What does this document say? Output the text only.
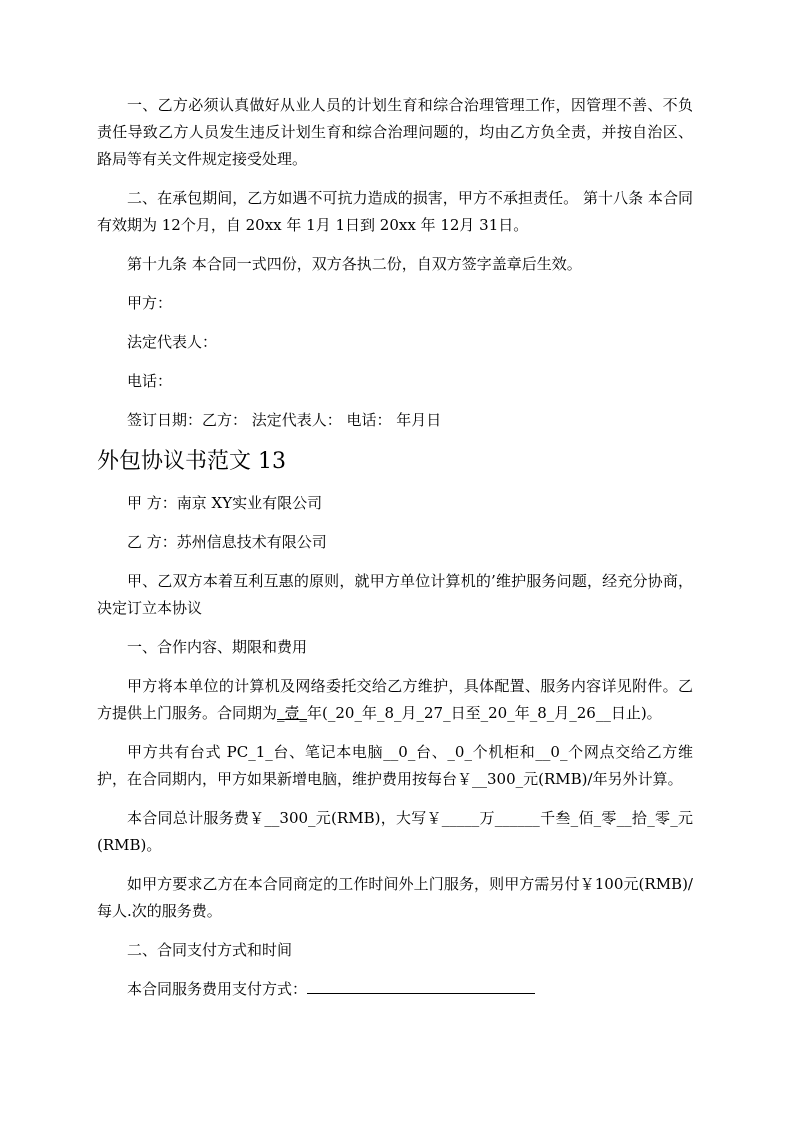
一、乙方必须认真做好从业人员的计划生育和综合治理管理工作，因管理不善、不负责任导致乙方人员发生违反计划生育和综合治理问题的，均由乙方负全责，并按自治区、路局等有关文件规定接受处理。

二、在承包期间，乙方如遇不可抗力造成的损害，甲方不承担责任。 第十八条 本合同有效期为 12个月，自 20xx 年 1月 1日到 20xx 年 12月 31日。

第十九条 本合同一式四份，双方各执二份，自双方签字盖章后生效。

甲方：

法定代表人：

电话：

签订日期：乙方： 法定代表人： 电话： 年月日

外包协议书范文 13

甲 方：南京 XY实业有限公司

乙 方：苏州信息技术有限公司

甲、乙双方本着互利互惠的原则，就甲方单位计算机的’维护服务问题，经充分协商，决定订立本协议

一、合作内容、期限和费用

甲方将本单位的计算机及网络委托交给乙方维护，具体配置、服务内容详见附件。乙方提供上门服务。合同期为_壹_年(_20_年_8_月_27_日至_20_年_8_月_26__日止)。

甲方共有台式 PC_1_台、笔记本电脑__0_台、_0_个机柜和__0_个网点交给乙方维护，在合同期内，甲方如果新增电脑，维护费用按每台￥__300_元(RMB)/年另外计算。

本合同总计服务费￥__300_元(RMB)，大写￥_____万______千叁_佰_零__拾_零_元(RMB)。

如甲方要求乙方在本合同商定的工作时间外上门服务，则甲方需另付￥100元(RMB)/每人.次的服务费。

二、合同支付方式和时间

本合同服务费用支付方式：
